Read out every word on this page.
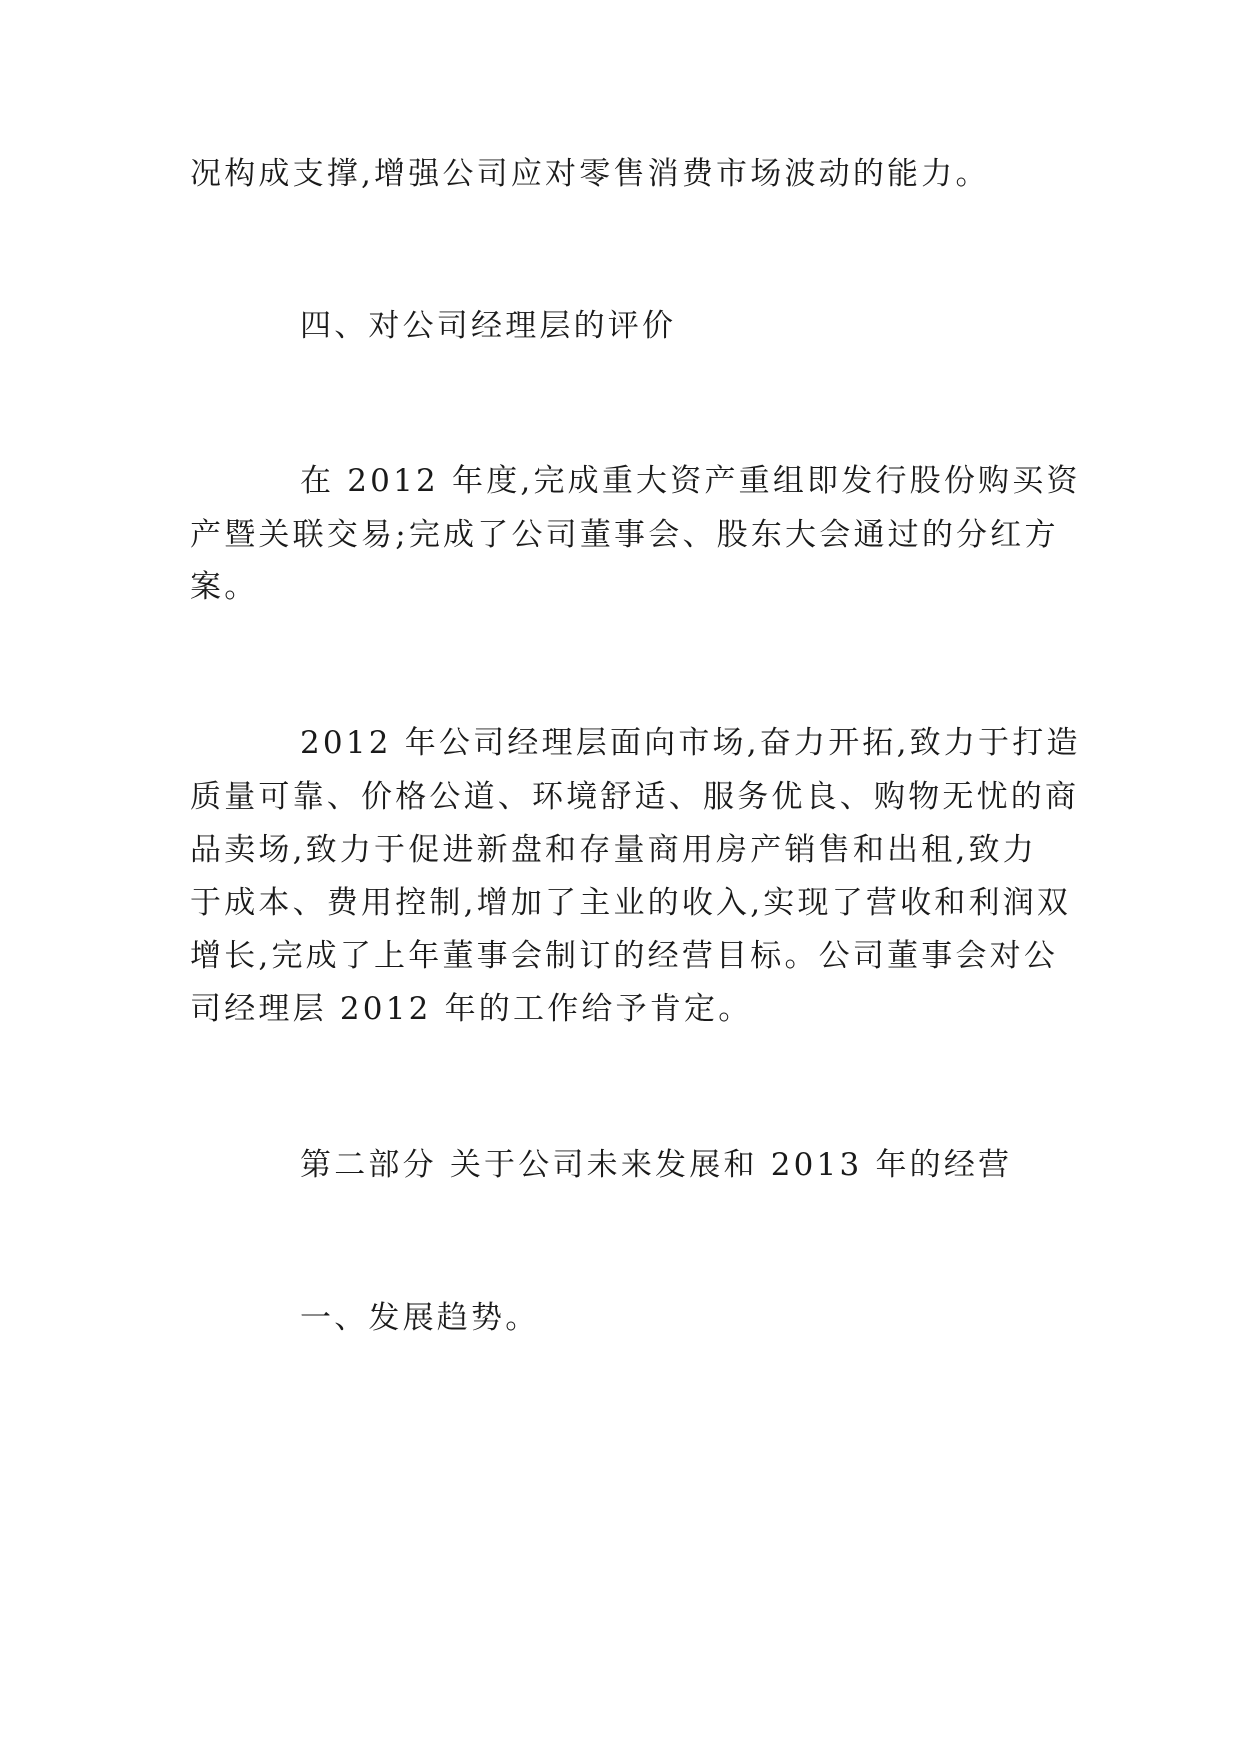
况构成支撑,增强公司应对零售消费市场波动的能力。
四、对公司经理层的评价
在 2012 年度,完成重大资产重组即发行股份购买资
产暨关联交易;完成了公司董事会、股东大会通过的分红方
案。
2012 年公司经理层面向市场,奋力开拓,致力于打造
质量可靠、价格公道、环境舒适、服务优良、购物无忧的商
品卖场,致力于促进新盘和存量商用房产销售和出租,致力
于成本、费用控制,增加了主业的收入,实现了营收和利润双
增长,完成了上年董事会制订的经营目标。公司董事会对公
司经理层 2012 年的工作给予肯定。
第二部分 关于公司未来发展和 2013 年的经营
一、发展趋势。
